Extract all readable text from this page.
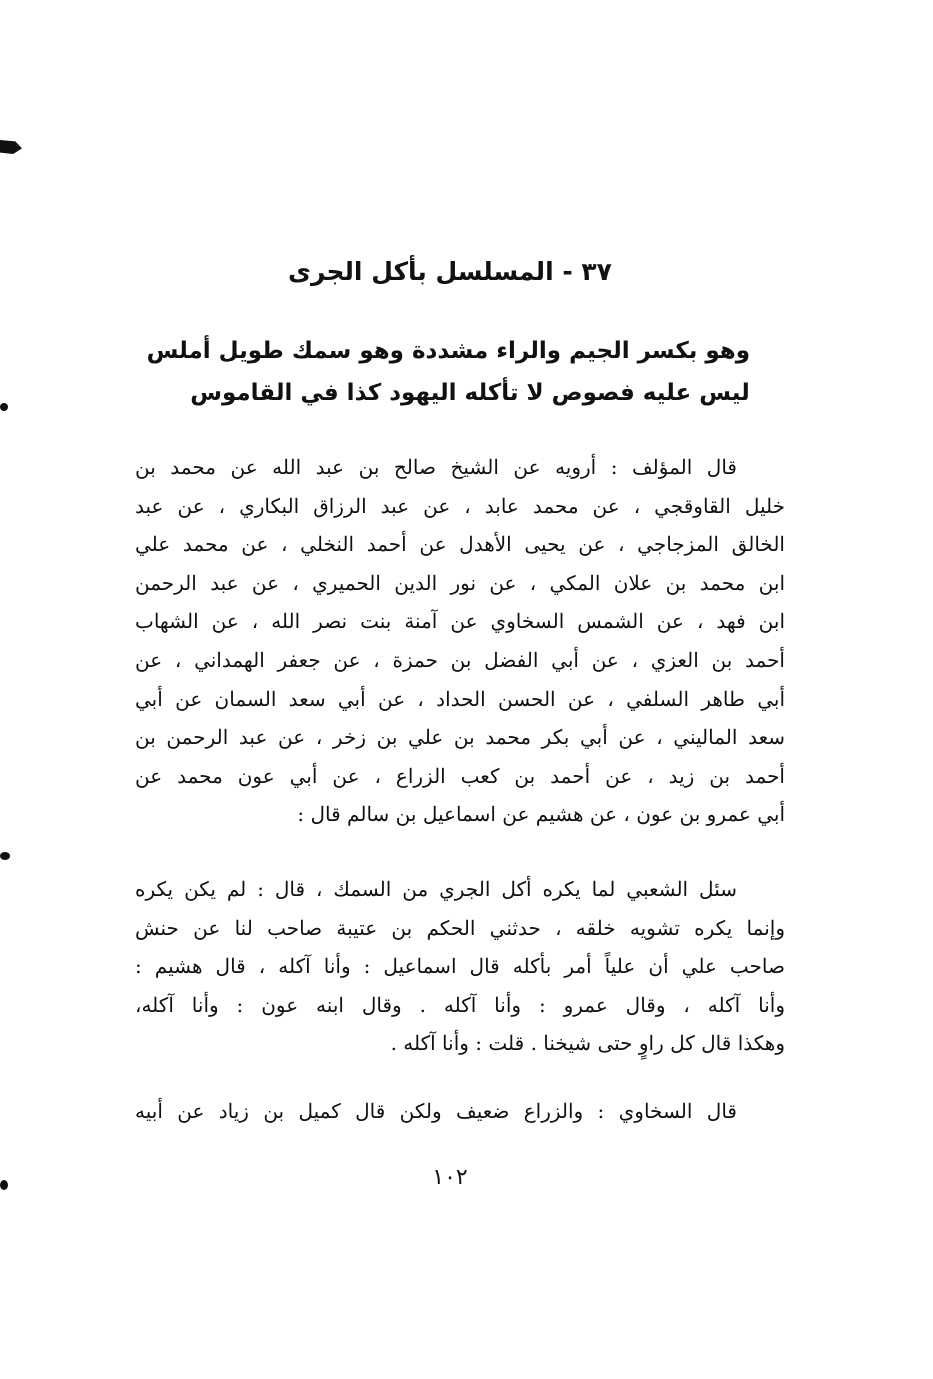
٣٧ - المسلسل بأكل الجرى
وهو بكسر الجيم والراء مشددة وهو سمك طويل أملس
ليس عليه فصوص لا تأكله اليهود كذا في القاموس
قال المؤلف : أرويه عن الشيخ صالح بن عبد الله عن محمد بن
خليل القاوقجي ، عن محمد عابد ، عن عبد الرزاق البكاري ، عن عبد
الخالق المزجاجي ، عن يحيى الأهدل عن أحمد النخلي ، عن محمد علي
ابن محمد بن علان المكي ، عن نور الدين الحميري ، عن عبد الرحمن
ابن فهد ، عن الشمس السخاوي عن آمنة بنت نصر الله ، عن الشهاب
أحمد بن العزي ، عن أبي الفضل بن حمزة ، عن جعفر الهمداني ، عن
أبي طاهر السلفي ، عن الحسن الحداد ، عن أبي سعد السمان عن أبي
سعد الماليني ، عن أبي بكر محمد بن علي بن زخر ، عن عبد الرحمن بن
أحمد بن زيد ، عن أحمد بن كعب الزراع ، عن أبي عون محمد عن
أبي عمرو بن عون ، عن هشيم عن اسماعيل بن سالم قال :
سئل الشعبي لما يكره أكل الجري من السمك ، قال : لم يكن يكره
وإنما يكره تشويه خلقه ، حدثني الحكم بن عتيبة صاحب لنا عن حنش
صاحب علي أن علياً أمر بأكله قال اسماعيل : وأنا آكله ، قال هشيم :
وأنا آكله ، وقال عمرو : وأنا آكله . وقال ابنه عون : وأنا آكله،
وهكذا قال كل راوٍ حتى شيخنا . قلت : وأنا آكله .
قال السخاوي : والزراع ضعيف ولكن قال كميل بن زياد عن أبيه
١٠٢
